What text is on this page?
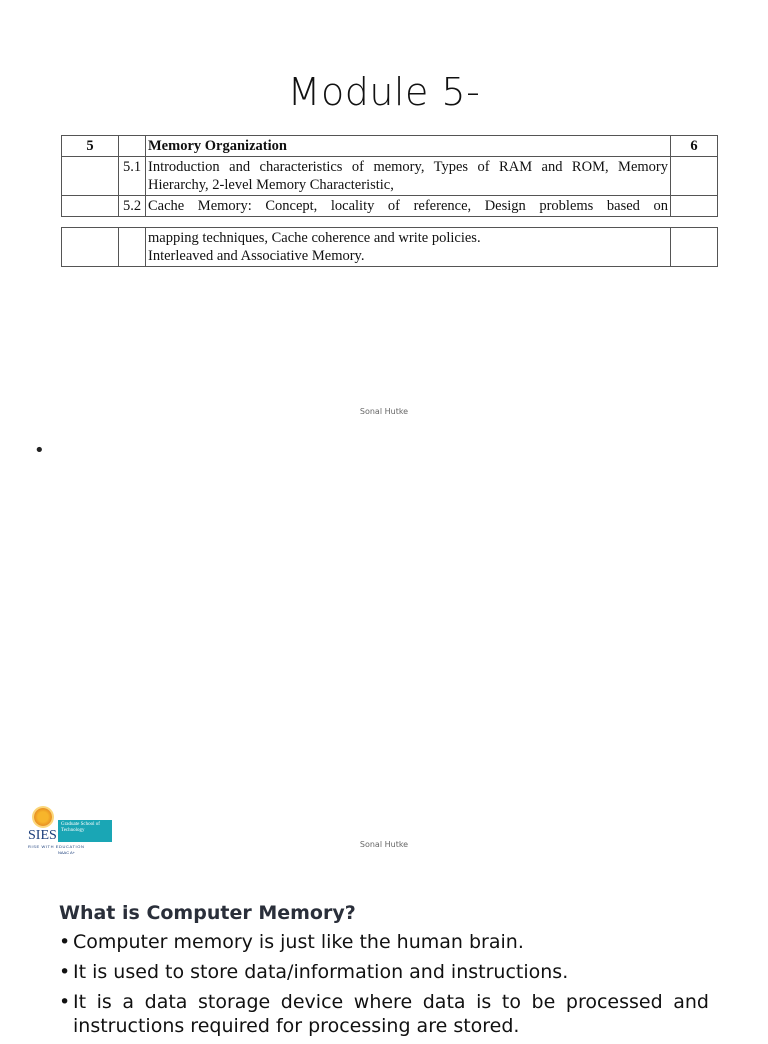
Module 5-
5		Memory Organization	6
	5.1	Introduction and characteristics of memory, Types of RAM and ROM, Memory
Hierarchy, 2-level Memory Characteristic,	

	5.2	Cache Memory: Concept, locality of reference, Design problems based on	

mapping techniques, Cache coherence and write policies.
Interleaved and Associative Memory.

Sonal Hutke
•
SIES
Graduate School of
Technology
RISE WITH EDUCATION
NAAC A+
Sonal Hutke
What is Computer Memory?
• Computer memory is just like the human brain.
• It is used to store data/information and instructions.
• It is a data storage device where data is to be processed and instructions required for processing are stored.
